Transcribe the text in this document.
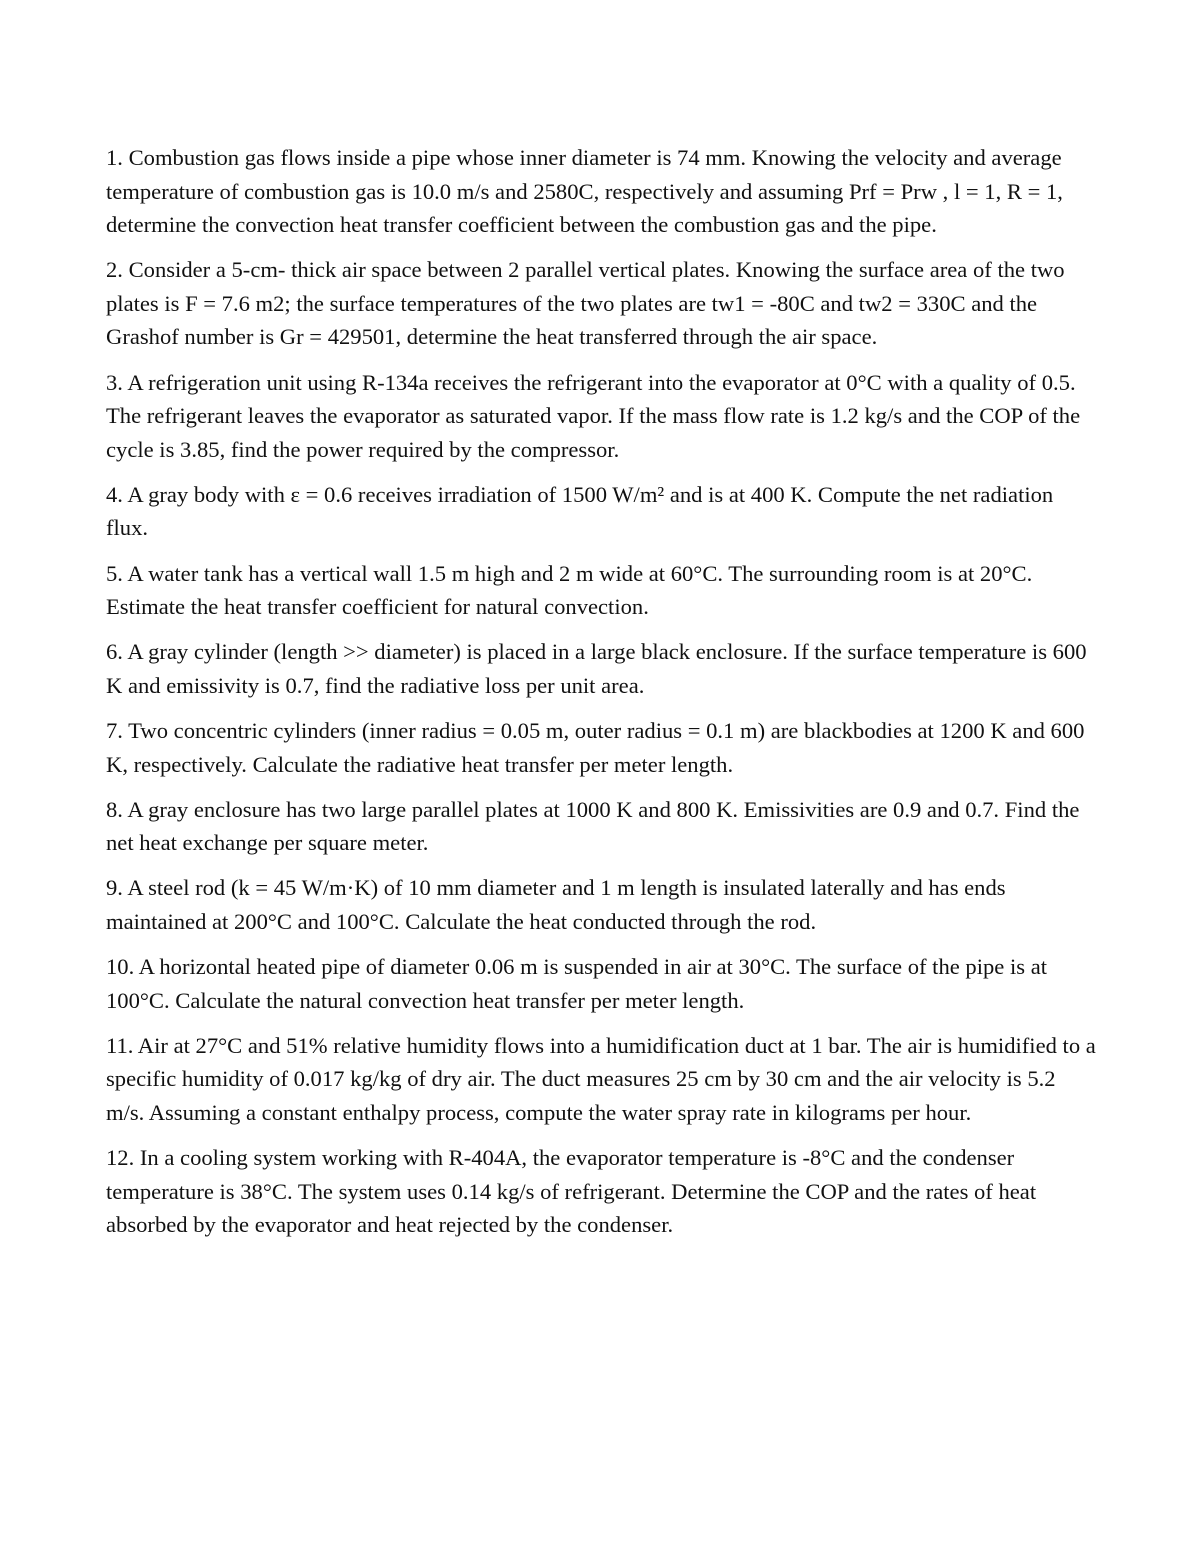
1. Combustion gas flows inside a pipe whose inner diameter is 74 mm. Knowing the velocity and average temperature of combustion gas is 10.0 m/s and 2580C, respectively and assuming Prf = Prw , l = 1, R = 1, determine the convection heat transfer coefficient between the combustion gas and the pipe.
2. Consider a 5-cm- thick air space between 2 parallel vertical plates. Knowing the surface area of the two plates is F = 7.6 m2; the surface temperatures of the two plates are tw1 = -80C and tw2 = 330C and the Grashof number is Gr = 429501, determine the heat transferred through the air space.
3. A refrigeration unit using R-134a receives the refrigerant into the evaporator at 0°C with a quality of 0.5. The refrigerant leaves the evaporator as saturated vapor. If the mass flow rate is 1.2 kg/s and the COP of the cycle is 3.85, find the power required by the compressor.
4. A gray body with ε = 0.6 receives irradiation of 1500 W/m² and is at 400 K. Compute the net radiation flux.
5. A water tank has a vertical wall 1.5 m high and 2 m wide at 60°C. The surrounding room is at 20°C. Estimate the heat transfer coefficient for natural convection.
6. A gray cylinder (length >> diameter) is placed in a large black enclosure. If the surface temperature is 600 K and emissivity is 0.7, find the radiative loss per unit area.
7. Two concentric cylinders (inner radius = 0.05 m, outer radius = 0.1 m) are blackbodies at 1200 K and 600 K, respectively. Calculate the radiative heat transfer per meter length.
8. A gray enclosure has two large parallel plates at 1000 K and 800 K. Emissivities are 0.9 and 0.7. Find the net heat exchange per square meter.
9. A steel rod (k = 45 W/m·K) of 10 mm diameter and 1 m length is insulated laterally and has ends maintained at 200°C and 100°C. Calculate the heat conducted through the rod.
10. A horizontal heated pipe of diameter 0.06 m is suspended in air at 30°C. The surface of the pipe is at 100°C. Calculate the natural convection heat transfer per meter length.
11. Air at 27°C and 51% relative humidity flows into a humidification duct at 1 bar. The air is humidified to a specific humidity of 0.017 kg/kg of dry air. The duct measures 25 cm by 30 cm and the air velocity is 5.2 m/s. Assuming a constant enthalpy process, compute the water spray rate in kilograms per hour.
12. In a cooling system working with R-404A, the evaporator temperature is -8°C and the condenser temperature is 38°C. The system uses 0.14 kg/s of refrigerant. Determine the COP and the rates of heat absorbed by the evaporator and heat rejected by the condenser.
